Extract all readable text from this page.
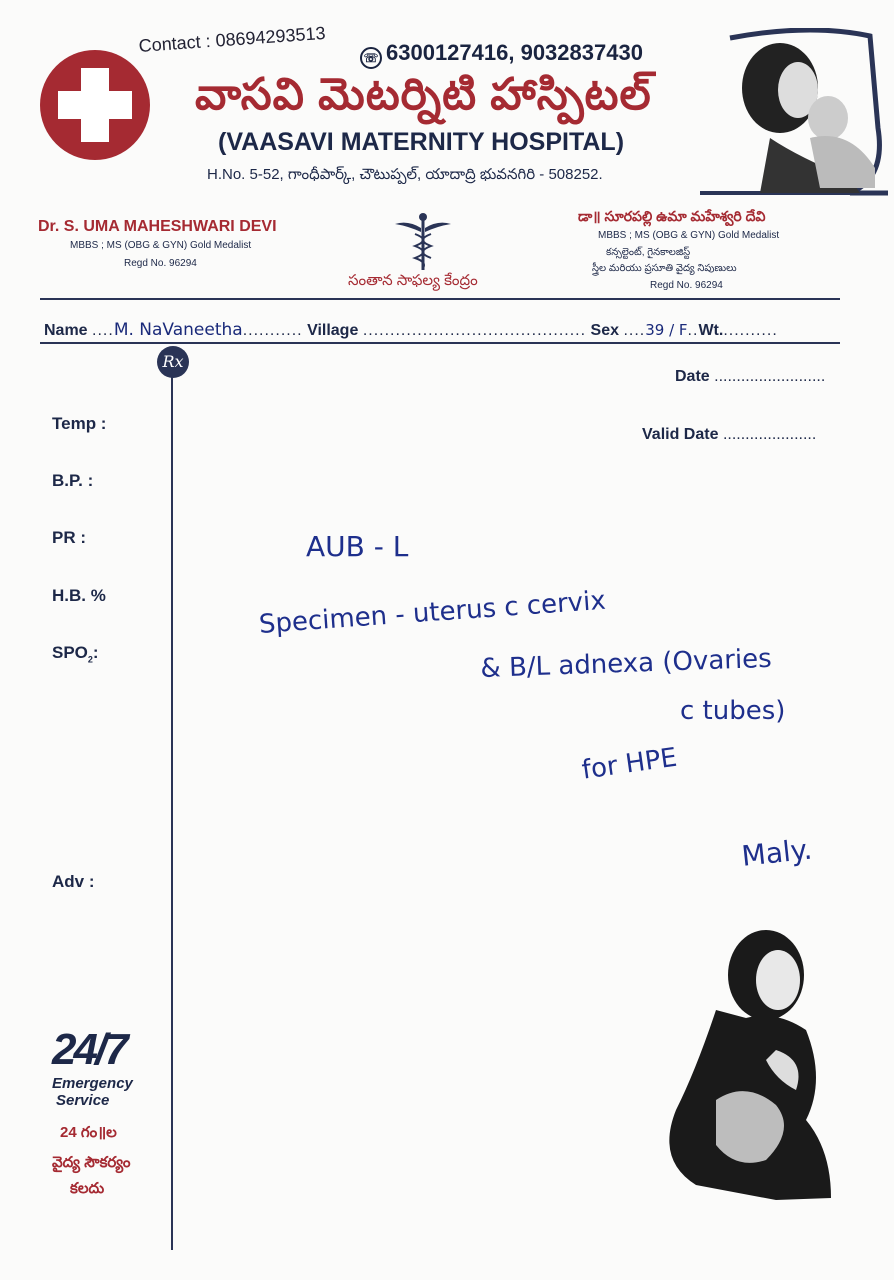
Contact : 08694293513
☏ 6300127416, 9032837430
వాసవి మెటర్నిటి హాస్పిటల్
(VAASAVI MATERNITY HOSPITAL)
H.No. 5-52, గాంధీపార్క్, చౌటుప్పల్, యాదాద్రి భువనగిరి - 508252.
Dr. S. UMA MAHESHWARI DEVI
MBBS ; MS (OBG & GYN) Gold Medalist
Regd No. 96294
సంతాన సాఫల్య కేంద్రం
డా॥ సూరపల్లి ఉమా మహేశ్వరి దేవి
MBBS ; MS (OBG & GYN) Gold Medalist
కన్సల్టెంట్, గైనకాలజిస్ట్
స్త్రీల మరియు ప్రసూతి వైద్య నిపుణులు
Regd No. 96294
Name ....M. NaVaneetha........... Village ......................................... Sex ....39 / F..Wt...........
Rx
Date .........................
Valid Date .....................
Temp :
B.P. :
PR :
H.B. %
$SPO_2$:
Adv :
AUB - L
Specimen - uterus c cervix
& B/L adnexa (Ovaries
c tubes)
for HPE
Maly.
24/7
Emergency
Service
24 గం॥ల
వైద్య సౌకర్యం
కలదు
